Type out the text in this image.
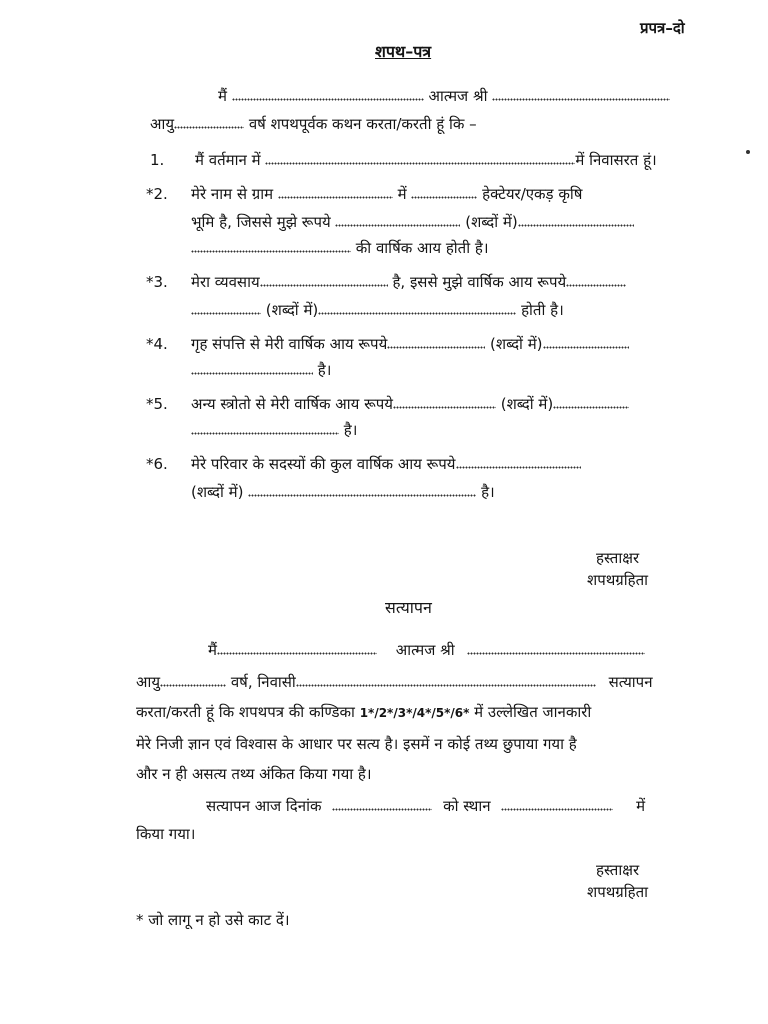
प्रपत्र–दो
शपथ–पत्र
मैं	आत्मज श्री
आयु	वर्ष शपथपूर्वक कथन करता/करती हूं कि –
1. मैं वर्तमान में	में निवासरत हूं।
*2. मेरे नाम से ग्राम	में	हेक्टेयर/एकड़ कृषि
भूमि है, जिससे मुझे रूपये	(शब्दों में)
की वार्षिक आय होती है।
*3. मेरा व्यवसाय	है, इससे मुझे वार्षिक आय रूपये
(शब्दों में)	होती है।
*4. गृह संपत्ति से मेरी वार्षिक आय रूपये	(शब्दों में)
है।
*5. अन्य स्त्रोतो से मेरी वार्षिक आय रूपये	(शब्दों में)
है।
*6. मेरे परिवार के सदस्यों की कुल वार्षिक आय रूपये
(शब्दों में)	है।
हस्ताक्षर
शपथग्रहिता
सत्यापन
मैं	आत्मज श्री
आयु	वर्ष, निवासी	सत्यापन
करता/करती हूं कि शपथपत्र की कण्डिका 1*/2*/3*/4*/5*/6* में उल्लेखित जानकारी
मेरे निजी ज्ञान एवं विश्वास के आधार पर सत्य है। इसमें न कोई तथ्य छुपाया गया है
और न ही असत्य तथ्य अंकित किया गया है।
सत्यापन आज दिनांक	को स्थान	में
किया गया।
हस्ताक्षर
शपथग्रहिता
* जो लागू न हो उसे काट दें।
